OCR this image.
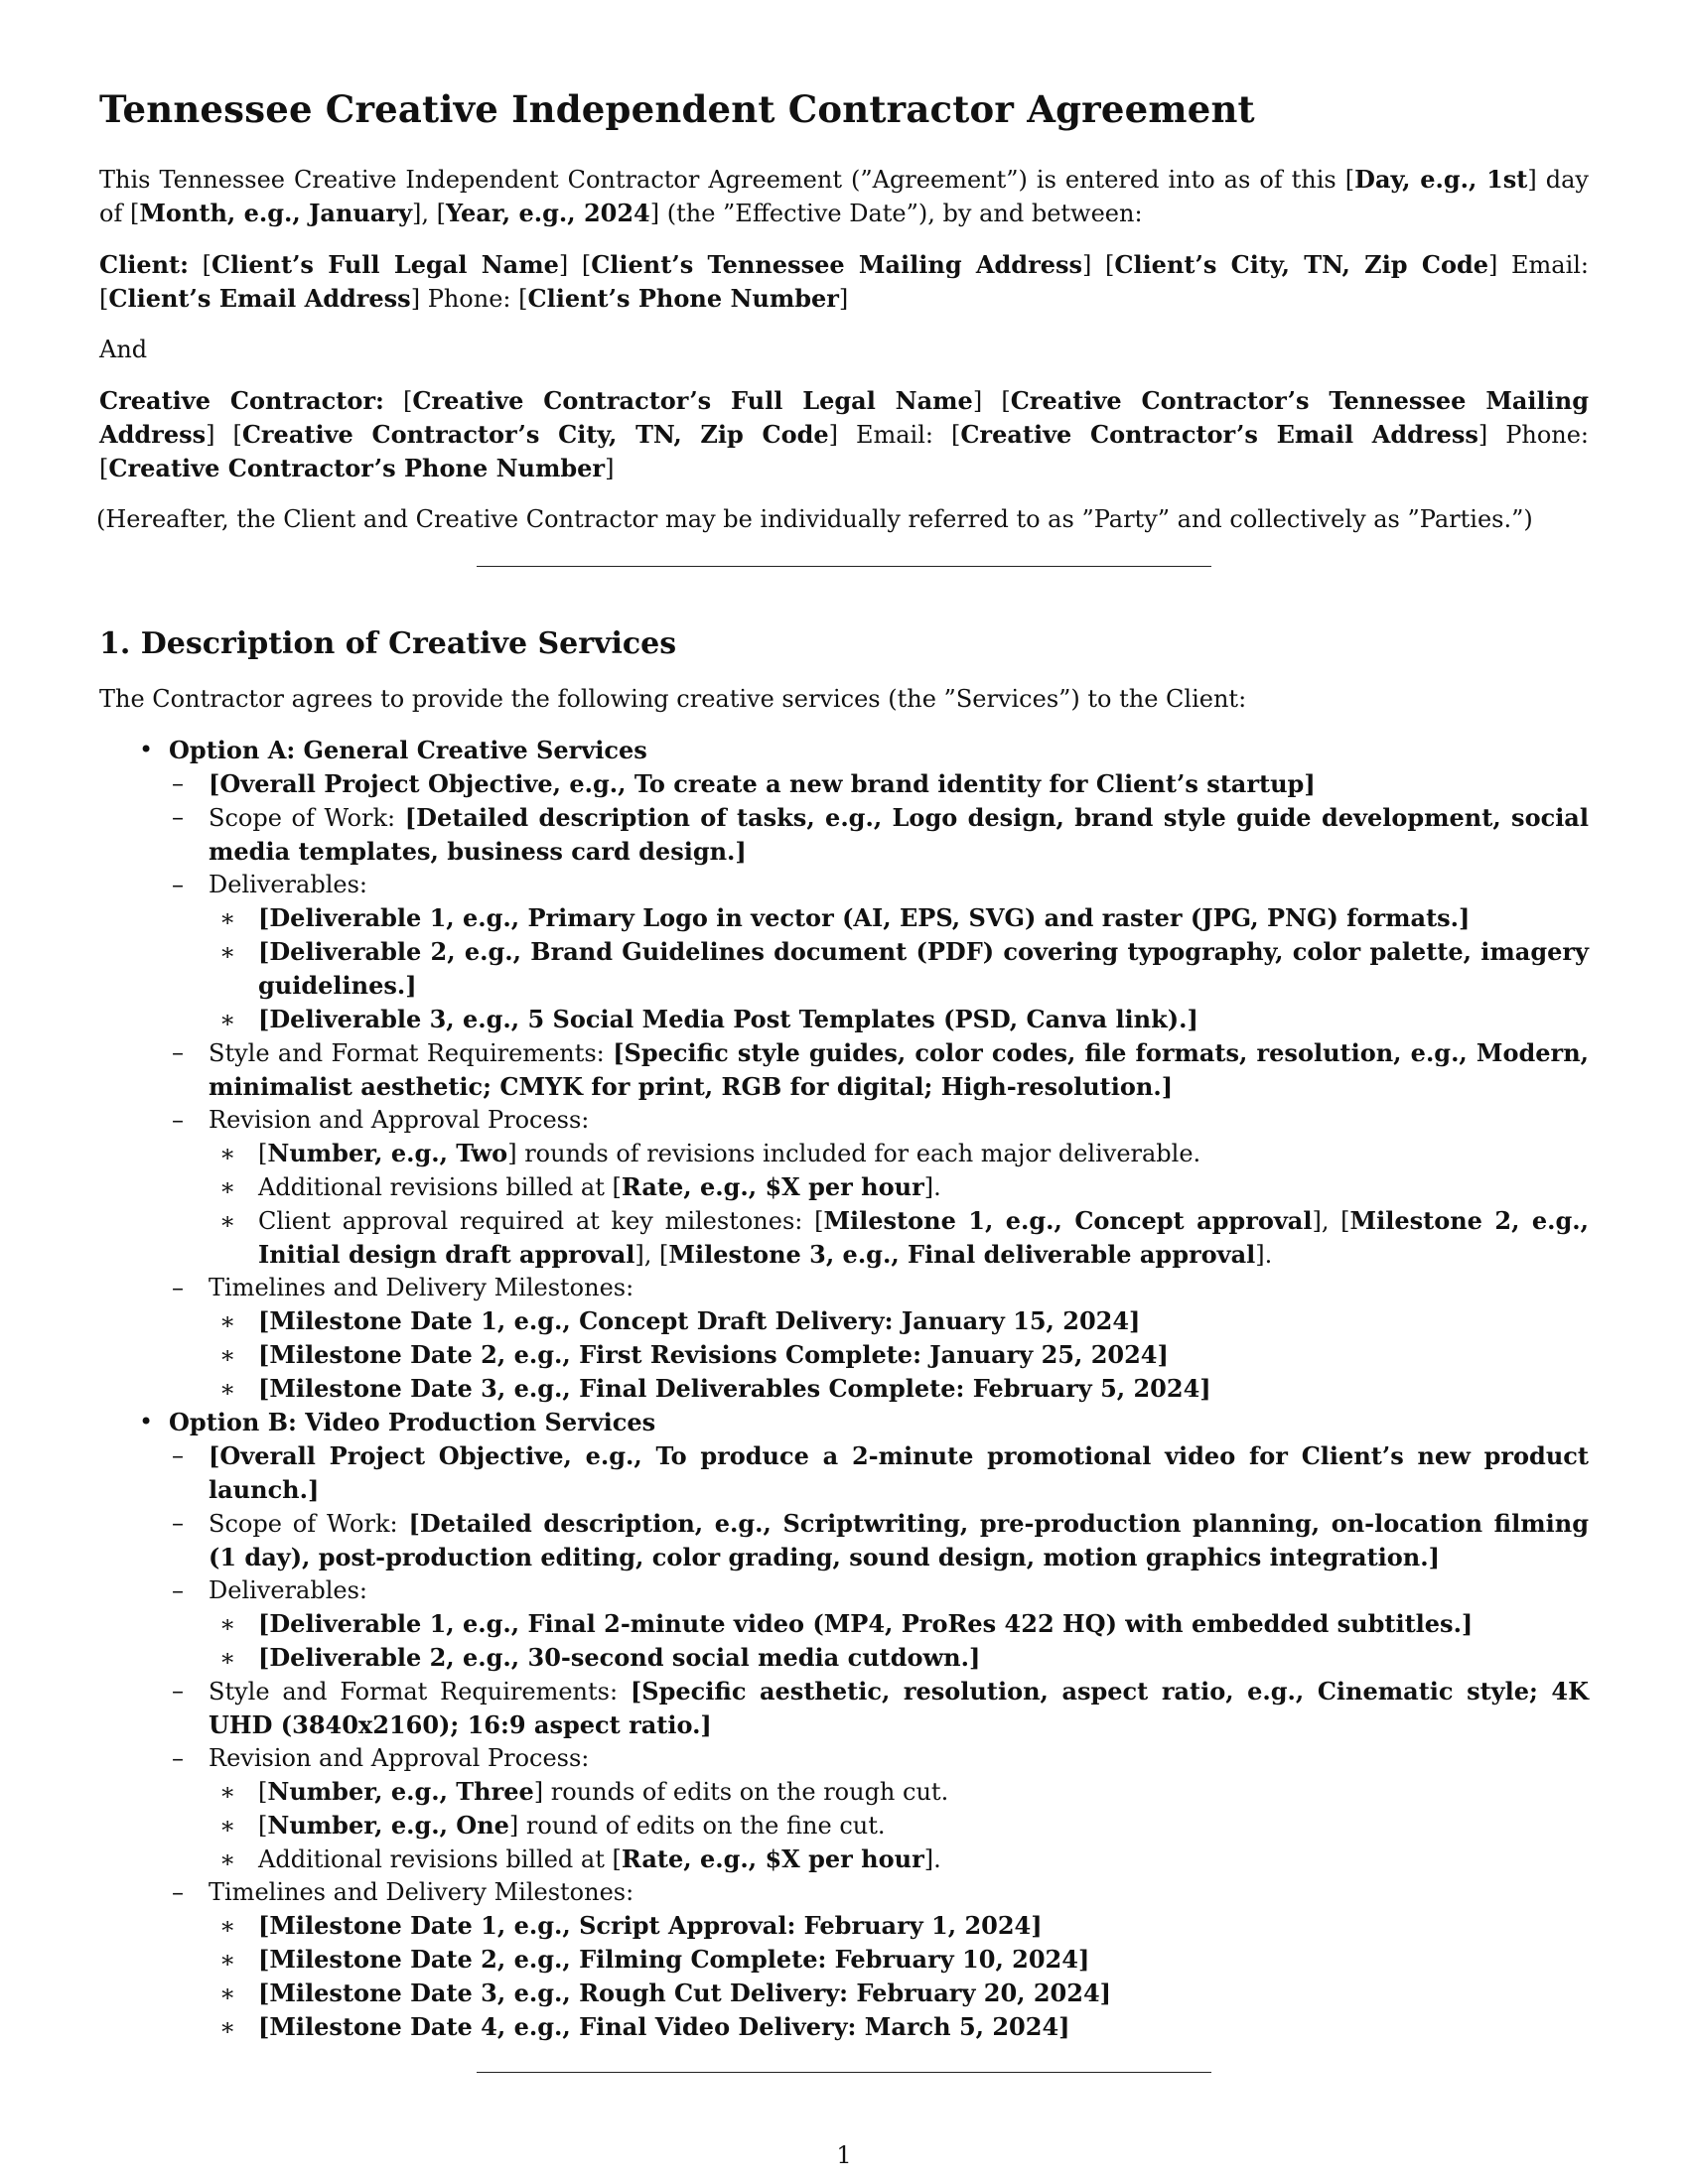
Tennessee Creative Independent Contractor Agreement

This Tennessee Creative Independent Contractor Agreement (”Agreement”) is entered into as of this [Day, e.g., 1st] day of [Month, e.g., January], [Year, e.g., 2024] (the ”Effective Date”), by and between:

Client: [Client’s Full Legal Name] [Client’s Tennessee Mailing Address] [Client’s City, TN, Zip Code] Email: [Client’s Email Address] Phone: [Client’s Phone Number]

And

Creative Contractor: [Creative Contractor’s Full Legal Name] [Creative Contractor’s Tennessee Mailing Address] [Creative Contractor’s City, TN, Zip Code] Email: [Creative Contractor’s Email Address] Phone: [Creative Contractor’s Phone Number]

(Hereafter, the Client and Creative Contractor may be individually referred to as ”Party” and collectively as ”Parties.”)

1. Description of Creative Services

The Contractor agrees to provide the following creative services (the ”Services”) to the Client:

• Option A: General Creative Services
– [Overall Project Objective, e.g., To create a new brand identity for Client’s startup]
– Scope of Work: [Detailed description of tasks, e.g., Logo design, brand style guide development, social media templates, business card design.]
– Deliverables:
∗ [Deliverable 1, e.g., Primary Logo in vector (AI, EPS, SVG) and raster (JPG, PNG) formats.]
∗ [Deliverable 2, e.g., Brand Guidelines document (PDF) covering typography, color palette, imagery guidelines.]
∗ [Deliverable 3, e.g., 5 Social Media Post Templates (PSD, Canva link).]
– Style and Format Requirements: [Specific style guides, color codes, file formats, resolution, e.g., Modern, minimalist aesthetic; CMYK for print, RGB for digital; High-resolution.]
– Revision and Approval Process:
∗ [Number, e.g., Two] rounds of revisions included for each major deliverable.
∗ Additional revisions billed at [Rate, e.g., $X per hour].
∗ Client approval required at key milestones: [Milestone 1, e.g., Concept approval], [Milestone 2, e.g., Initial design draft approval], [Milestone 3, e.g., Final deliverable approval].
– Timelines and Delivery Milestones:
∗ [Milestone Date 1, e.g., Concept Draft Delivery: January 15, 2024]
∗ [Milestone Date 2, e.g., First Revisions Complete: January 25, 2024]
∗ [Milestone Date 3, e.g., Final Deliverables Complete: February 5, 2024]
• Option B: Video Production Services
– [Overall Project Objective, e.g., To produce a 2-minute promotional video for Client’s new product launch.]
– Scope of Work: [Detailed description, e.g., Scriptwriting, pre-production planning, on-location filming (1 day), post-production editing, color grading, sound design, motion graphics integration.]
– Deliverables:
∗ [Deliverable 1, e.g., Final 2-minute video (MP4, ProRes 422 HQ) with embedded subtitles.]
∗ [Deliverable 2, e.g., 30-second social media cutdown.]
– Style and Format Requirements: [Specific aesthetic, resolution, aspect ratio, e.g., Cinematic style; 4K UHD (3840x2160); 16:9 aspect ratio.]
– Revision and Approval Process:
∗ [Number, e.g., Three] rounds of edits on the rough cut.
∗ [Number, e.g., One] round of edits on the fine cut.
∗ Additional revisions billed at [Rate, e.g., $X per hour].
– Timelines and Delivery Milestones:
∗ [Milestone Date 1, e.g., Script Approval: February 1, 2024]
∗ [Milestone Date 2, e.g., Filming Complete: February 10, 2024]
∗ [Milestone Date 3, e.g., Rough Cut Delivery: February 20, 2024]
∗ [Milestone Date 4, e.g., Final Video Delivery: March 5, 2024]
1
